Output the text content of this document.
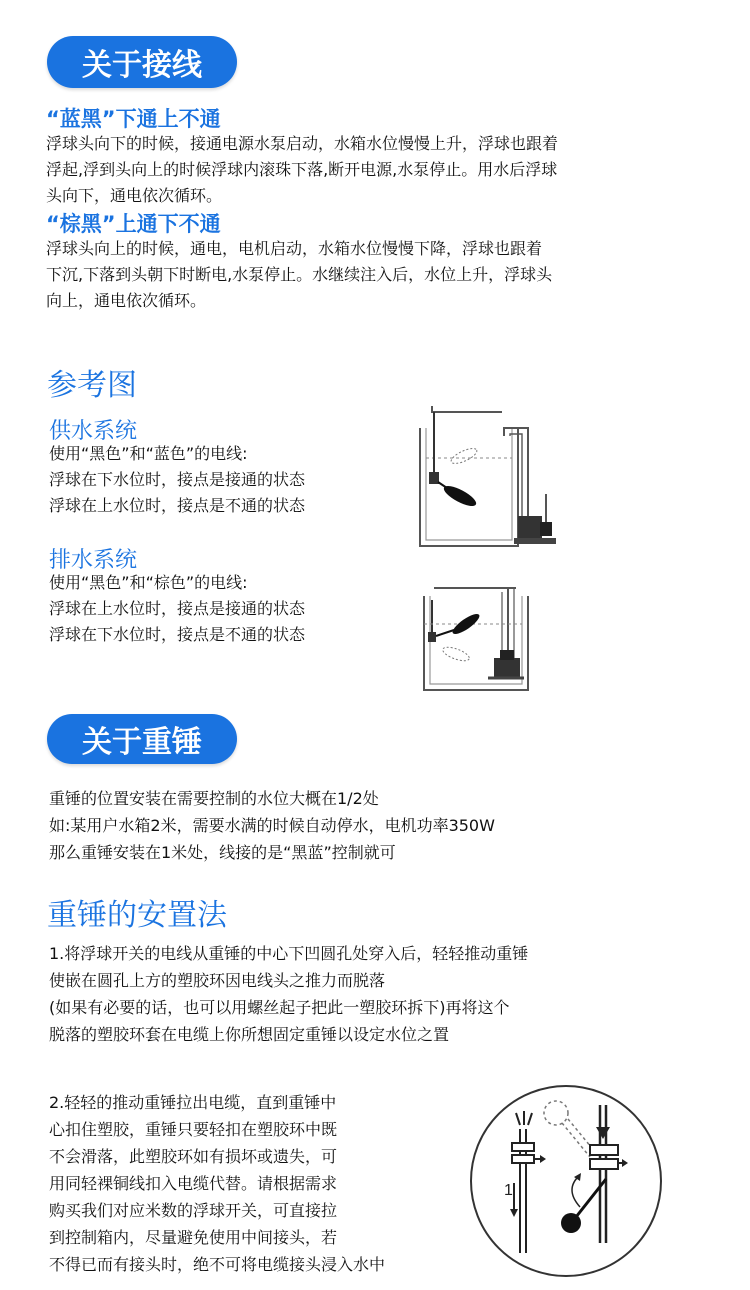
关于接线
“蓝黑”下通上不通
浮球头向下的时候，接通电源水泵启动，水箱水位慢慢上升，浮球也跟着
浮起,浮到头向上的时候浮球内滚珠下落,断开电源,水泵停止。用水后浮球
头向下，通电依次循环。
“棕黑”上通下不通
浮球头向上的时候，通电，电机启动，水箱水位慢慢下降，浮球也跟着
下沉,下落到头朝下时断电,水泵停止。水继续注入后，水位上升，浮球头
向上，通电依次循环。
参考图
供水系统
使用“黑色”和“蓝色”的电线:
浮球在下水位时，接点是接通的状态
浮球在上水位时，接点是不通的状态
排水系统
使用“黑色”和“棕色”的电线:
浮球在上水位时，接点是接通的状态
浮球在下水位时，接点是不通的状态
关于重锤
重锤的位置安装在需要控制的水位大概在1/2处
如:某用户水箱2米，需要水满的时候自动停水，电机功率350W
那么重锤安装在1米处，线接的是“黑蓝”控制就可
重锤的安置法
1.将浮球开关的电线从重锤的中心下凹圆孔处穿入后，轻轻推动重锤
使嵌在圆孔上方的塑胶环因电线头之推力而脱落
(如果有必要的话，也可以用螺丝起子把此一塑胶环拆下)再将这个
脱落的塑胶环套在电缆上你所想固定重锤以设定水位之置
2.轻轻的推动重锤拉出电缆，直到重锤中
心扣住塑胶，重锤只要轻扣在塑胶环中既
不会滑落，此塑胶环如有损坏或遗失，可
用同轻裸铜线扣入电缆代替。请根据需求
购买我们对应米数的浮球开关，可直接拉
到控制箱内，尽量避免使用中间接头，若
不得已而有接头时，绝不可将电缆接头浸入水中
1
